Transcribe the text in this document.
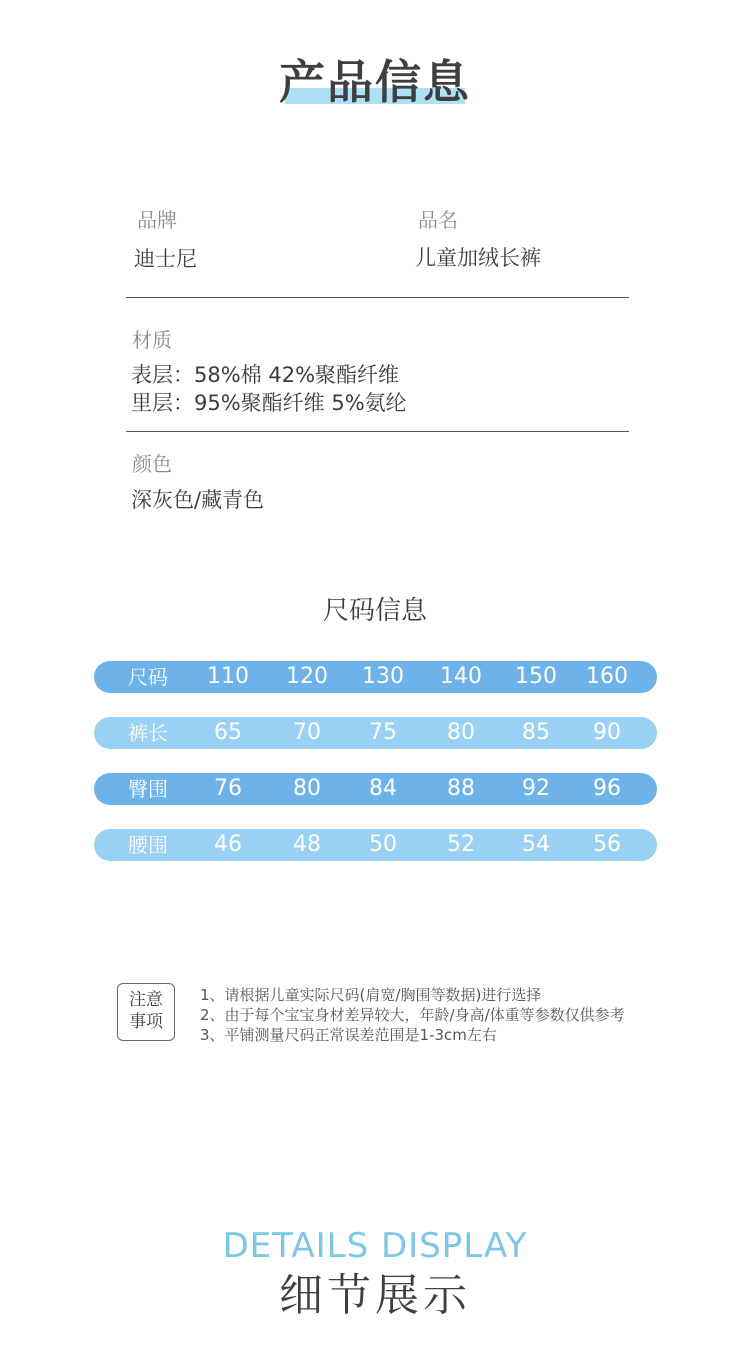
产品信息
品牌
迪士尼
品名
儿童加绒长裤
材质
表层：58%棉 42%聚酯纤维
里层：95%聚酯纤维 5%氨纶
颜色
深灰色/藏青色
尺码信息
尺码	110	120	130	140	150	160
裤长	65	70	75	80	85	90
臀围	76	80	84	88	92	96
腰围	46	48	50	52	54	56
注意
事项
1、请根据儿童实际尺码(肩宽/胸围等数据)进行选择
2、由于每个宝宝身材差异较大，年龄/身高/体重等参数仅供参考
3、平铺测量尺码正常误差范围是1-3cm左右
DETAILS DISPLAY
细节展示
